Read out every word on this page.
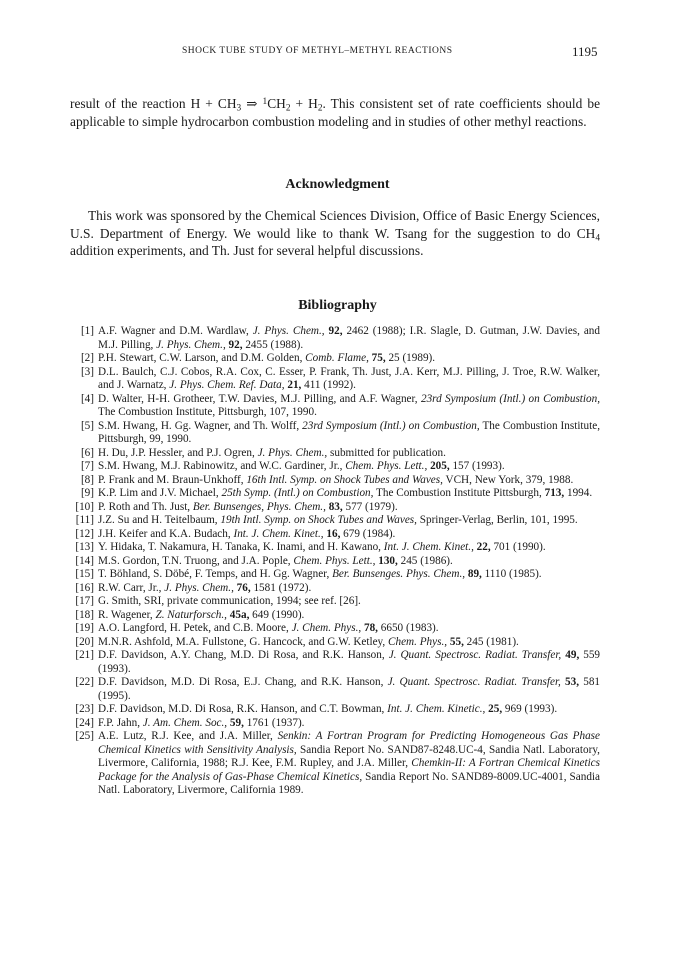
SHOCK TUBE STUDY OF METHYL–METHYL REACTIONS	1195

result of the reaction $H + CH_3$ ⇒ $^1CH_2 + H_2$. This consistent set of rate coefficients should be applicable to simple hydrocarbon combustion modeling and in studies of other methyl reactions.

Acknowledgment

This work was sponsored by the Chemical Sciences Division, Office of Basic Energy Sciences, U.S. Department of Energy. We would like to thank W. Tsang for the suggestion to do $CH_4$ addition experiments, and Th. Just for several helpful discussions.

Bibliography
[1] A.F. Wagner and D.M. Wardlaw, J. Phys. Chem., 92, 2462 (1988); I.R. Slagle, D. Gutman, J.W. Davies, and M.J. Pilling, J. Phys. Chem., 92, 2455 (1988).
[2] P.H. Stewart, C.W. Larson, and D.M. Golden, Comb. Flame, 75, 25 (1989).
[3] D.L. Baulch, C.J. Cobos, R.A. Cox, C. Esser, P. Frank, Th. Just, J.A. Kerr, M.J. Pilling, J. Troe, R.W. Walker, and J. Warnatz, J. Phys. Chem. Ref. Data, 21, 411 (1992).
[4] D. Walter, H-H. Grotheer, T.W. Davies, M.J. Pilling, and A.F. Wagner, 23rd Symposium (Intl.) on Combustion, The Combustion Institute, Pittsburgh, 107, 1990.
[5] S.M. Hwang, H. Gg. Wagner, and Th. Wolff, 23rd Symposium (Intl.) on Combustion, The Combustion Institute, Pittsburgh, 99, 1990.
[6] H. Du, J.P. Hessler, and P.J. Ogren, J. Phys. Chem., submitted for publication.
[7] S.M. Hwang, M.J. Rabinowitz, and W.C. Gardiner, Jr., Chem. Phys. Lett., 205, 157 (1993).
[8] P. Frank and M. Braun-Unkhoff, 16th Intl. Symp. on Shock Tubes and Waves, VCH, New York, 379, 1988.
[9] K.P. Lim and J.V. Michael, 25th Symp. (Intl.) on Combustion, The Combustion Institute Pittsburgh, 713, 1994.
[10] P. Roth and Th. Just, Ber. Bunsenges, Phys. Chem., 83, 577 (1979).
[11] J.Z. Su and H. Teitelbaum, 19th Intl. Symp. on Shock Tubes and Waves, Springer-Verlag, Berlin, 101, 1995.
[12] J.H. Keifer and K.A. Budach, Int. J. Chem. Kinet., 16, 679 (1984).
[13] Y. Hidaka, T. Nakamura, H. Tanaka, K. Inami, and H. Kawano, Int. J. Chem. Kinet., 22, 701 (1990).
[14] M.S. Gordon, T.N. Truong, and J.A. Pople, Chem. Phys. Lett., 130, 245 (1986).
[15] T. Böhland, S. Döbé, F. Temps, and H. Gg. Wagner, Ber. Bunsenges. Phys. Chem., 89, 1110 (1985).
[16] R.W. Carr, Jr., J. Phys. Chem., 76, 1581 (1972).
[17] G. Smith, SRI, private communication, 1994; see ref. [26].
[18] R. Wagener, Z. Naturforsch., 45a, 649 (1990).
[19] A.O. Langford, H. Petek, and C.B. Moore, J. Chem. Phys., 78, 6650 (1983).
[20] M.N.R. Ashfold, M.A. Fullstone, G. Hancock, and G.W. Ketley, Chem. Phys., 55, 245 (1981).
[21] D.F. Davidson, A.Y. Chang, M.D. Di Rosa, and R.K. Hanson, J. Quant. Spectrosc. Radiat. Transfer, 49, 559 (1993).
[22] D.F. Davidson, M.D. Di Rosa, E.J. Chang, and R.K. Hanson, J. Quant. Spectrosc. Radiat. Transfer, 53, 581 (1995).
[23] D.F. Davidson, M.D. Di Rosa, R.K. Hanson, and C.T. Bowman, Int. J. Chem. Kinetic., 25, 969 (1993).
[24] F.P. Jahn, J. Am. Chem. Soc., 59, 1761 (1937).
[25] A.E. Lutz, R.J. Kee, and J.A. Miller, Senkin: A Fortran Program for Predicting Homogeneous Gas Phase Chemical Kinetics with Sensitivity Analysis, Sandia Report No. SAND87-8248.UC-4, Sandia Natl. Laboratory, Livermore, California, 1988; R.J. Kee, F.M. Rupley, and J.A. Miller, Chemkin-II: A Fortran Chemical Kinetics Package for the Analysis of Gas-Phase Chemical Kinetics, Sandia Report No. SAND89-8009.UC-4001, Sandia Natl. Laboratory, Livermore, California 1989.
